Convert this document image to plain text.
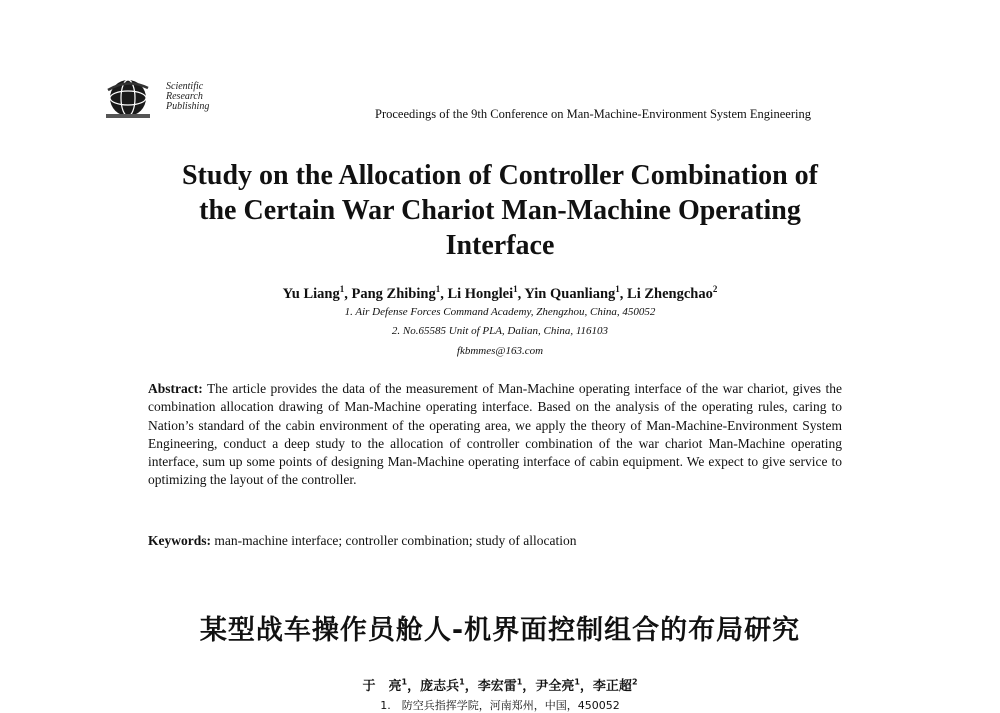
Scientific
Research
Publishing
Proceedings of the 9th Conference on Man-Machine-Environment System Engineering
Study on the Allocation of Controller Combination of
the Certain War Chariot Man-Machine Operating
Interface
Yu Liang$^1$, Pang Zhibing$^1$, Li Honglei$^1$, Yin Quanliang$^1$, Li Zhengchao$^2$
1. Air Defense Forces Command Academy, Zhengzhou, China, 450052
2. No.65585 Unit of PLA, Dalian, China, 116103
fkbmmes@163.com

Abstract: The article provides the data of the measurement of Man-Machine operating interface of the war chariot, gives the combination allocation drawing of Man-Machine operating interface. Based on the analysis of the operating rules, caring to Nation’s standard of the cabin environment of the operating area, we apply the theory of Man-Machine-Environment System Engineering, conduct a deep study to the allocation of controller combination of the war chariot Man-Machine operating interface, sum up some points of designing Man-Machine operating interface of cabin equipment. We expect to give service to optimizing the layout of the controller.

Keywords: man-machine interface; controller combination; study of allocation
某型战车操作员舱人-机界面控制组合的布局研究
于　亮$^1$，庞志兵$^1$，李宏雷$^1$，尹全亮$^1$，李正超$^2$
1.　防空兵指挥学院，河南郑州，中国，450052
